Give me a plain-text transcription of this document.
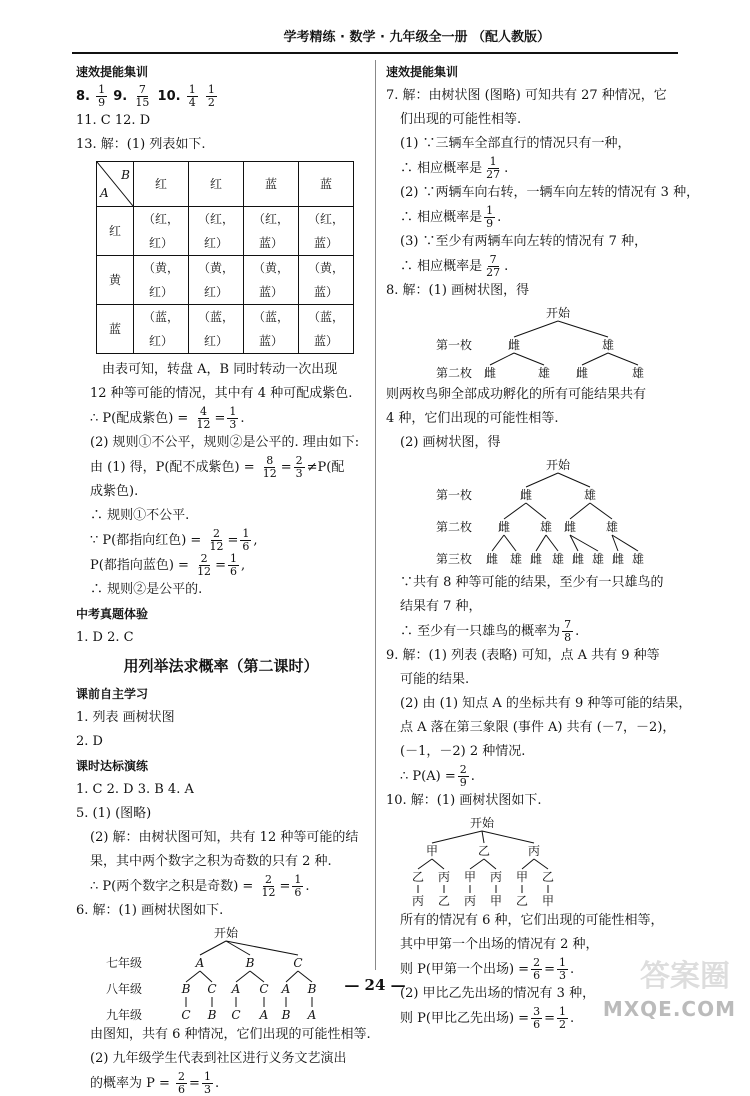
学考精练 · 数学 · 九年级全一册 （配人教版）
速效提能集训
8. $\frac{1}{9} 9$. $\frac{7}{15} 10$. $\frac{1}{4}$
$\frac{1}{2}$
11. C 12. D
13. 解：(1) 列表如下.
B
A	红	红	蓝	蓝
红	（红，红）	（红，红）	（红，蓝）	（红，蓝）
黄	（黄，红）	（黄，红）	（黄，蓝）	（黄，蓝）
蓝	（蓝，红）	（蓝，红）	（蓝，蓝）	（蓝，蓝）
由表可知，转盘 A，B 同时转动一次出现
12 种等可能的情况，其中有 4 种可配成紫色.
∴ P(配成紫色) = $\frac{4}{12} = \frac{1}{3}$ .
(2) 规则①不公平，规则②是公平的. 理由如下:
由 (1) 得，P(配不成紫色) = $\frac{8}{12} = \frac{2}{3} \ne P$(配
成紫色).
∴ 规则①不公平.
∵ P(都指向红色) = $\frac{2}{12} = \frac{1}{6}$ ,
P(都指向蓝色) = $\frac{2}{12} = \frac{1}{6}$ ,
∴ 规则②是公平的.
中考真题体验
1. D 2. C
用列举法求概率（第二课时）
课前自主学习
1. 列表 画树状图
2. D
课时达标演练
1. C 2. D 3. B 4. A
5. (1) (图略)
(2) 解：由树状图可知，共有 12 种等可能的结
果，其中两个数字之积为奇数的只有 2 种.
∴ P(两个数字之积是奇数) = $\frac{2}{12} = \frac{1}{6}$ .
6. 解：(1) 画树状图如下.
开始
七年级
八年级
九年级
A	B	C
B C A C A B
C B C A B A
由图知，共有 6 种情况，它们出现的可能性相等.
(2) 九年级学生代表到社区进行义务文艺演出
的概率为 $P = \frac{2}{6} = \frac{1}{3}$ .
速效提能集训
7. 解：由树状图 (图略) 可知共有 27 种情况，它
们出现的可能性相等.
(1) ∵三辆车全部直行的情况只有一种，
∴ 相应概率是 $\frac{1}{27}$ .
(2) ∵两辆车向右转，一辆车向左转的情况有 3 种，
∴ 相应概率是 $\frac{1}{9}$ .
(3) ∵至少有两辆车向左转的情况有 7 种，
∴ 相应概率是 $\frac{7}{27}$ .
8. 解：(1) 画树状图，得
开始
第一枚
第二枚
雌	雄
雌	雄 雌	雄
则两枚鸟卵全部成功孵化的所有可能结果共有
4 种，它们出现的可能性相等.
(2) 画树状图，得
开始
第一枚
第二枚
第三枚
雌	雄
雌 雄 雌 雄
雌 雄 雌 雄 雌 雄 雌 雄
∵共有 8 种等可能的结果，至少有一只雄鸟的
结果有 7 种，
∴ 至少有一只雄鸟的概率为 $\frac{7}{8}$ .
9. 解：(1) 列表 (表略) 可知，点 A 共有 9 种等
可能的结果.
(2) 由 (1) 知点 A 的坐标共有 9 种等可能的结果，
点 A 落在第三象限 (事件 A) 共有 (－7，－2)，
(－1，－2) 2 种情况.
∴ $P(A) = \frac{2}{9}$ .
10. 解：(1) 画树状图如下.
开始
甲	乙	丙
乙 丙 甲 丙 甲 乙
丙 乙 丙 甲 乙 甲
所有的情况有 6 种，它们出现的可能性相等，
其中甲第一个出场的情况有 2 种，
则 P(甲第一个出场) = $\frac{2}{6} = \frac{1}{3}$ .
(2) 甲比乙先出场的情况有 3 种，
则 P(甲比乙先出场) = $\frac{3}{6} = \frac{1}{2}$ .
— 24 —	答案圈
MXQE.COM
